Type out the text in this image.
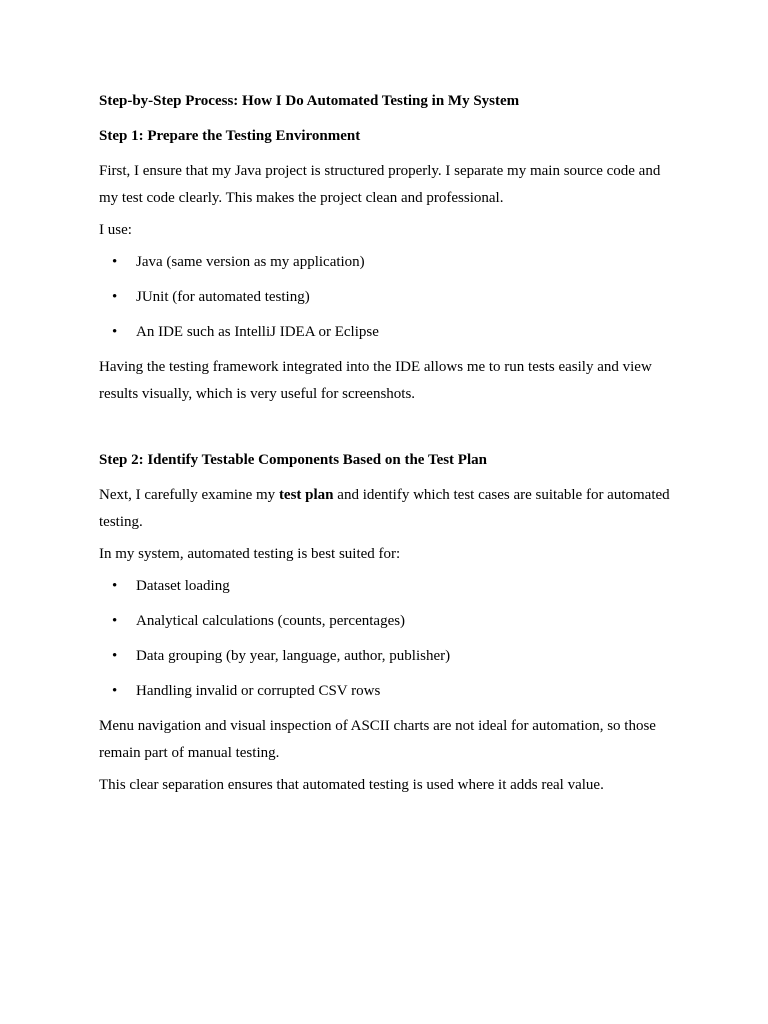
Step-by-Step Process: How I Do Automated Testing in My System
Step 1: Prepare the Testing Environment
First, I ensure that my Java project is structured properly. I separate my main source code and my test code clearly. This makes the project clean and professional.
I use:
• Java (same version as my application)
• JUnit (for automated testing)
• An IDE such as IntelliJ IDEA or Eclipse
Having the testing framework integrated into the IDE allows me to run tests easily and view results visually, which is very useful for screenshots.
Step 2: Identify Testable Components Based on the Test Plan
Next, I carefully examine my test plan and identify which test cases are suitable for automated testing.
In my system, automated testing is best suited for:
• Dataset loading
• Analytical calculations (counts, percentages)
• Data grouping (by year, language, author, publisher)
• Handling invalid or corrupted CSV rows
Menu navigation and visual inspection of ASCII charts are not ideal for automation, so those remain part of manual testing.
This clear separation ensures that automated testing is used where it adds real value.
